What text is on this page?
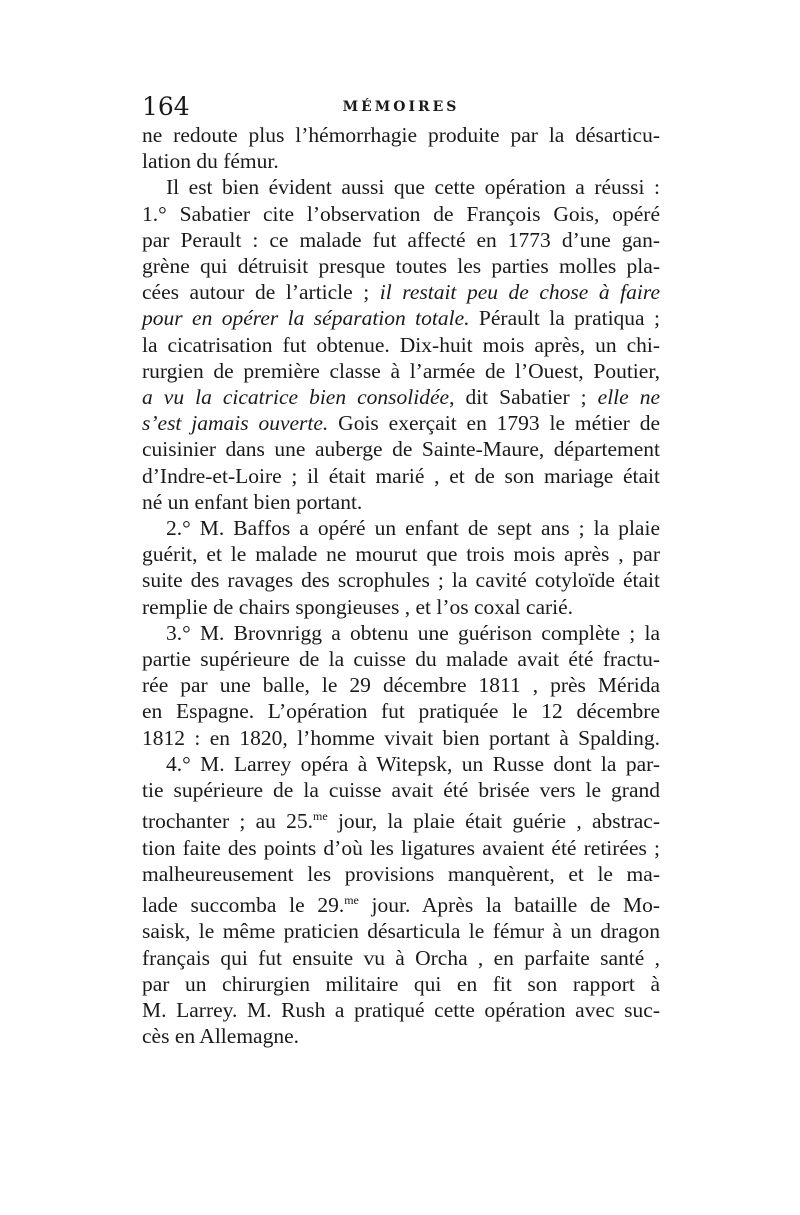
164	MÉMOIRES
ne redoute plus l’hémorrhagie produite par la désarticu-
lation du fémur.
Il est bien évident aussi que cette opération a réussi :
1.° Sabatier cite l’observation de François Gois, opéré
par Perault : ce malade fut affecté en 1773 d’une gan-
grène qui détruisit presque toutes les parties molles pla-
cées autour de l’article ; il restait peu de chose à faire
pour en opérer la séparation totale. Pérault la pratiqua ;
la cicatrisation fut obtenue. Dix-huit mois après, un chi-
rurgien de première classe à l’armée de l’Ouest, Poutier,
a vu la cicatrice bien consolidée, dit Sabatier ; elle ne
s’est jamais ouverte. Gois exerçait en 1793 le métier de
cuisinier dans une auberge de Sainte-Maure, département
d’Indre-et-Loire ; il était marié , et de son mariage était
né un enfant bien portant.
2.° M. Baffos a opéré un enfant de sept ans ; la plaie
guérit, et le malade ne mourut que trois mois après , par
suite des ravages des scrophules ; la cavité cotyloïde était
remplie de chairs spongieuses , et l’os coxal carié.
3.° M. Brovnrigg a obtenu une guérison complète ; la
partie supérieure de la cuisse du malade avait été fractu-
rée par une balle, le 29 décembre 1811 , près Mérida
en Espagne. L’opération fut pratiquée le 12 décembre
1812 : en 1820, l’homme vivait bien portant à Spalding.
4.° M. Larrey opéra à Witepsk, un Russe dont la par-
tie supérieure de la cuisse avait été brisée vers le grand
trochanter ; au 25.$^{me}$ jour, la plaie était guérie , abstrac-
tion faite des points d’où les ligatures avaient été retirées ;
malheureusement les provisions manquèrent, et le ma-
lade succomba le 29.$^{me}$ jour. Après la bataille de Mo-
saisk, le même praticien désarticula le fémur à un dragon
français qui fut ensuite vu à Orcha , en parfaite santé ,
par un chirurgien militaire qui en fit son rapport à
M. Larrey. M. Rush a pratiqué cette opération avec suc-
cès en Allemagne.
